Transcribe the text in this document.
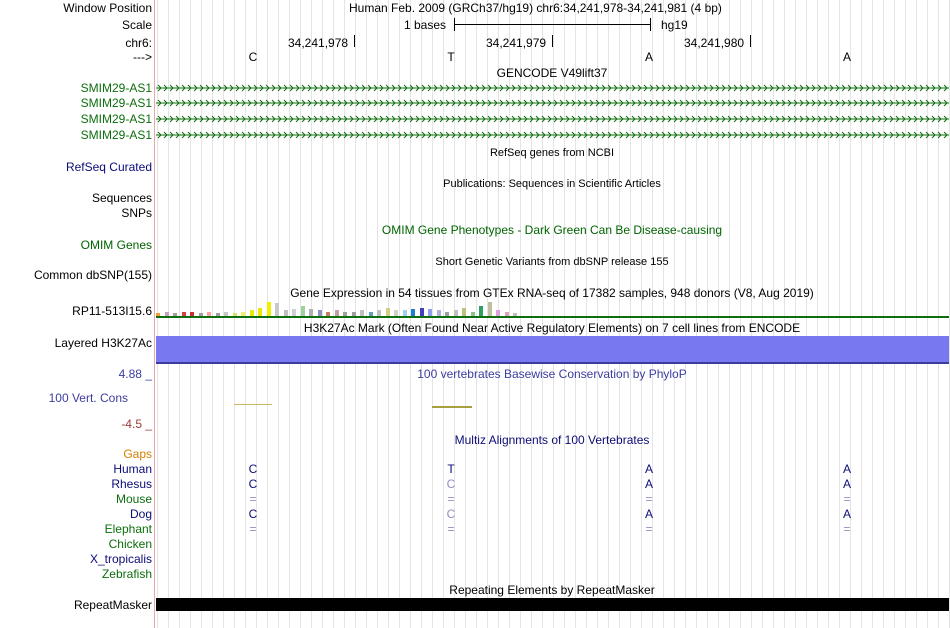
Window Position	Human Feb. 2009 (GRCh37/hg19) chr6:34,241,978-34,241,981 (4 bp)
Scale	1 bases	hg19
chr6:	34,241,978	34,241,979	34,241,980
--->	C	T	A	A
GENCODE V49lift37
SMIM29-AS1
SMIM29-AS1
SMIM29-AS1
SMIM29-AS1
RefSeq genes from NCBI
RefSeq Curated
Publications: Sequences in Scientific Articles
Sequences
SNPs
OMIM Gene Phenotypes - Dark Green Can Be Disease-causing
OMIM Genes
Short Genetic Variants from dbSNP release 155
Common dbSNP(155)
Gene Expression in 54 tissues from GTEx RNA-seq of 17382 samples, 948 donors (V8, Aug 2019)
RP11-513I15.6
H3K27Ac Mark (Often Found Near Active Regulatory Elements) on 7 cell lines from ENCODE
Layered H3K27Ac
100 vertebrates Basewise Conservation by PhyloP
4.88 _
100 Vert. Cons
-4.5 _
Multiz Alignments of 100 Vertebrates
Gaps
Human	C	T	A	A
Rhesus	C	C	A	A
Mouse	=	=	=	=
Dog	C	C	A	A
Elephant	=	=	=	=
Chicken
X_tropicalis
Zebrafish
Repeating Elements by RepeatMasker
RepeatMasker
